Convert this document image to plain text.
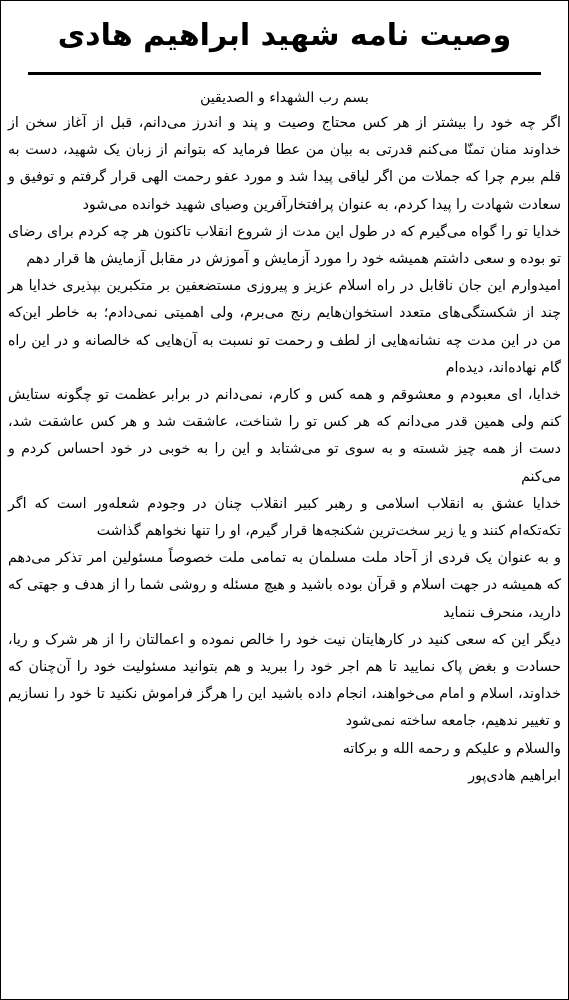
وصیت نامه شهید ابراهیم هادی
بسم رب الشهداء و الصدیقین

اگر چه خود را بیشتر از هر کس محتاج وصیت و پند و اندرز می‌دانم، قبل از آغاز سخن از خداوند منان تمنّا می‌کنم قدرتی به بیان من عطا فرماید که بتوانم از زبان یک شهید، دست به قلم ببرم چرا که جملات من اگر لیاقی پیدا شد و مورد عفو رحمت الهی قرار گرفتم و توفیق و سعادت شهادت را پیدا کردم، به عنوان پرافتخارآفرین وصیای شهید خوانده می‌شود

خدایا تو را گواه می‌گیرم که در طول این مدت از شروع انقلاب تاکنون هر چه کردم برای رضای تو بوده و سعی داشتم همیشه خود را مورد آزمایش و آموزش در مقابل آزمایش ها قرار دهم

امیدوارم این جان ناقابل در راه اسلام عزیز و پیروزی مستضعفین بر متکبرین بپذیری خدایا هر چند از شکستگی‌های متعدد استخوان‌هایم رنج می‌برم، ولی اهمیتی نمی‌دادم؛ به خاطر این‌که من در این مدت چه نشانه‌هایی از لطف و رحمت تو نسبت به آن‌هایی که خالصانه و در این راه گام نهاده‌اند، دیده‌ام

خدایا، ای معبودم و معشوقم و همه کس و کارم، نمی‌دانم در برابر عظمت تو چگونه ستایش کنم ولی همین قدر می‌دانم که هر کس تو را شناخت، عاشقت شد و هر کس عاشقت شد، دست از همه چیز شسته و به سوی تو می‌شتابد و این را به خوبی در خود احساس کردم و می‌کنم

خدایا عشق به انقلاب اسلامی و رهبر کبیر انقلاب چنان در وجودم شعله‌ور است که اگر تکه‌تکه‌ام کنند و یا زیر سخت‌ترین شکنجه‌ها قرار گیرم، او را تنها نخواهم گذاشت

و به عنوان یک فردی از آحاد ملت مسلمان به تمامی ملت خصوصاً مسئولین امر تذکر می‌دهم که همیشه در جهت اسلام و قرآن بوده باشید و هیچ مسئله و روشی شما را از هدف و جهتی که دارید، منحرف ننماید

دیگر این که سعی کنید در کارهایتان نیت خود را خالص نموده و اعمالتان را از هر شرک و ریا، حسادت و بغض پاک نمایید تا هم اجر خود را ببرید و هم بتوانید مسئولیت خود را آن‌چنان که خداوند، اسلام و امام می‌خواهند، انجام داده باشید این را هرگز فراموش نکنید تا خود را نسازیم و تغییر ندهیم، جامعه ساخته نمی‌شود

والسلام و علیکم و رحمه الله و برکاته
ابراهیم هادی‌پور
